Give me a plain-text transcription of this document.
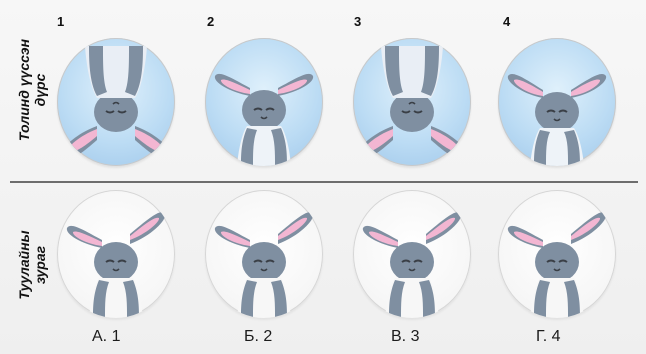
Толинд үүссэн
дүрс
Туулайны
зураг
1	2	3	4
А. 1	Б. 2	В. 3	Г. 4
